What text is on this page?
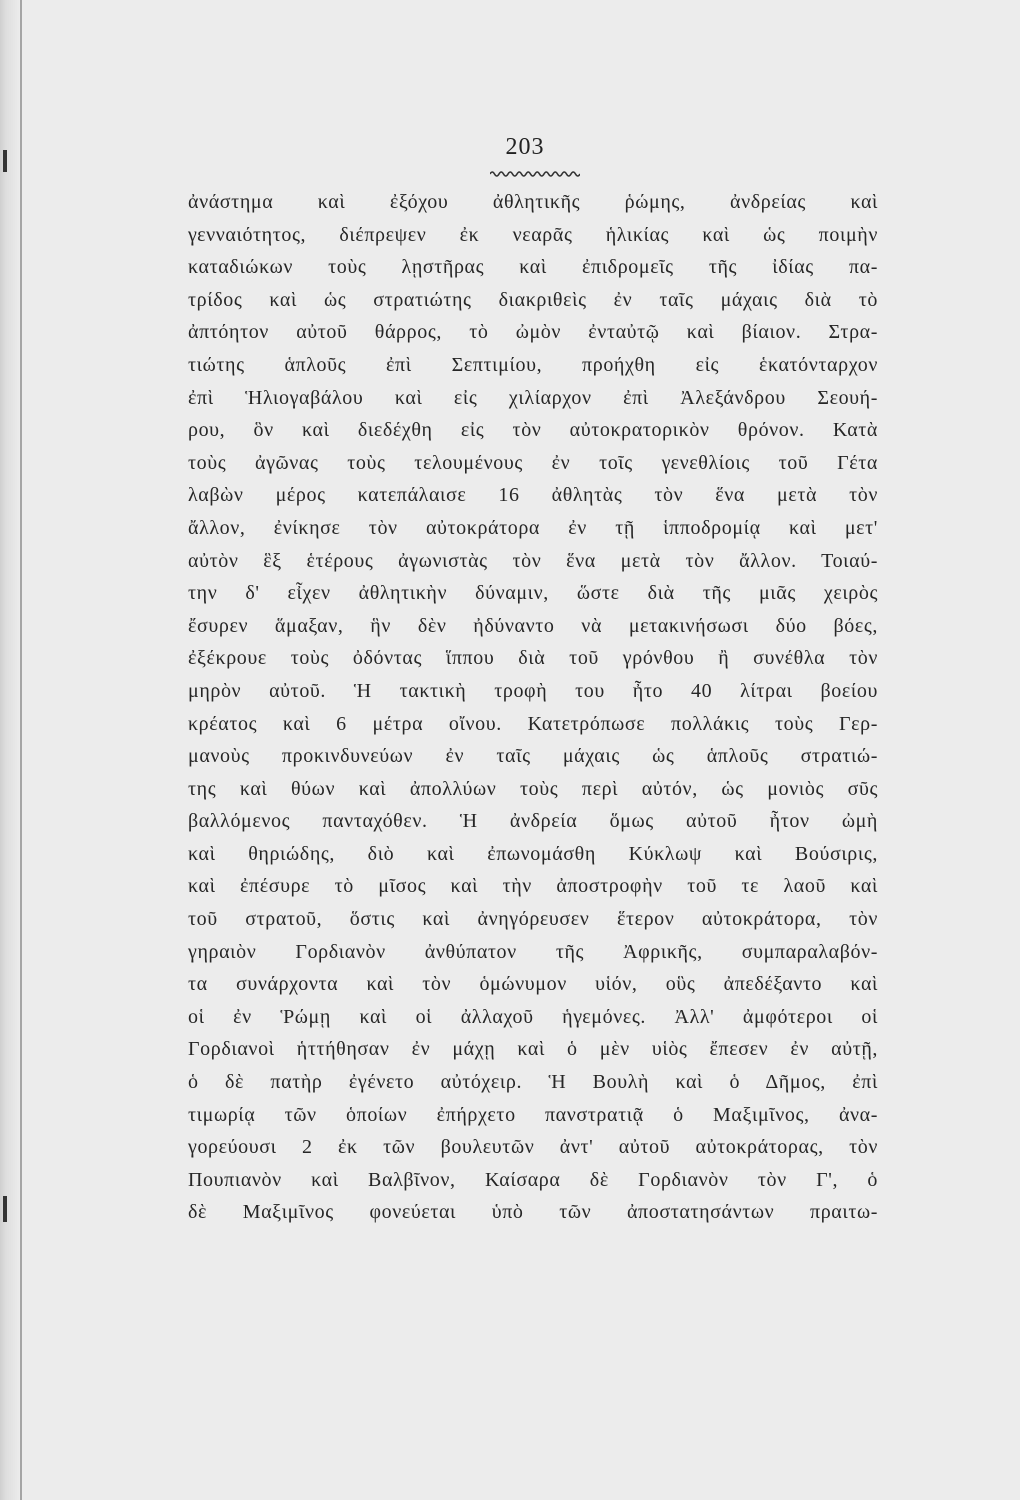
203
ἀνάστημα καὶ ἐξόχου ἀθλητικῆς ῥώμης, ἀνδρείας καὶ
γενναιότητος, διέπρεψεν ἐκ νεαρᾶς ἡλικίας καὶ ὡς ποιμὴν
καταδιώκων τοὺς λῃστῆρας καὶ ἐπιδρομεῖς τῆς ἰδίας πα-
τρίδος καὶ ὡς στρατιώτης διακριθεὶς ἐν ταῖς μάχαις διὰ τὸ
ἀπτόητον αὐτοῦ θάρρος, τὸ ὠμὸν ἐνταὐτῷ καὶ βίαιον. Στρα-
τιώτης ἁπλοῦς ἐπὶ Σεπτιμίου, προήχθη εἰς ἑκατόνταρχον
ἐπὶ Ἡλιογαβάλου καὶ εἰς χιλίαρχον ἐπὶ Ἀλεξάνδρου Σεουή-
ρου, ὃν καὶ διεδέχθη εἰς τὸν αὐτοκρατορικὸν θρόνον. Κατὰ
τοὺς ἀγῶνας τοὺς τελουμένους ἐν τοῖς γενεθλίοις τοῦ Γέτα
λαβὼν μέρος κατεπάλαισε 16 ἀθλητὰς τὸν ἕνα μετὰ τὸν
ἄλλον, ἐνίκησε τὸν αὐτοκράτορα ἐν τῇ ἱπποδρομίᾳ καὶ μετ'
αὐτὸν ἓξ ἑτέρους ἀγωνιστὰς τὸν ἕνα μετὰ τὸν ἄλλον. Τοιαύ-
την δ' εἶχεν ἀθλητικὴν δύναμιν, ὥστε διὰ τῆς μιᾶς χειρὸς
ἔσυρεν ἅμαξαν, ἣν δὲν ἠδύναντο νὰ μετακινήσωσι δύο βόες,
ἐξέκρουε τοὺς ὀδόντας ἵππου διὰ τοῦ γρόνθου ἢ συνέθλα τὸν
μηρὸν αὐτοῦ. Ἡ τακτικὴ τροφὴ του ἦτο 40 λίτραι βοείου
κρέατος καὶ 6 μέτρα οἴνου. Κατετρόπωσε πολλάκις τοὺς Γερ-
μανοὺς προκινδυνεύων ἐν ταῖς μάχαις ὡς ἁπλοῦς στρατιώ-
της καὶ θύων καὶ ἀπολλύων τοὺς περὶ αὐτόν, ὡς μονιὸς σῦς
βαλλόμενος πανταχόθεν. Ἡ ἀνδρεία ὅμως αὐτοῦ ἦτον ὠμὴ
καὶ θηριώδης, διὸ καὶ ἐπωνομάσθη Κύκλωψ καὶ Βούσιρις,
καὶ ἐπέσυρε τὸ μῖσος καὶ τὴν ἀποστροφὴν τοῦ τε λαοῦ καὶ
τοῦ στρατοῦ, ὅστις καὶ ἀνηγόρευσεν ἕτερον αὐτοκράτορα, τὸν
γηραιὸν Γορδιανὸν ἀνθύπατον τῆς Ἀφρικῆς, συμπαραλαβόν-
τα συνάρχοντα καὶ τὸν ὁμώνυμον υἱόν, οὓς ἀπεδέξαντο καὶ
οἱ ἐν Ῥώμῃ καὶ οἱ ἀλλαχοῦ ἡγεμόνες. Ἀλλ' ἀμφότεροι οἱ
Γορδιανοὶ ἡττήθησαν ἐν μάχῃ καὶ ὁ μὲν υἱὸς ἔπεσεν ἐν αὐτῇ,
ὁ δὲ πατὴρ ἐγένετο αὐτόχειρ. Ἡ Βουλὴ καὶ ὁ Δῆμος, ἐπὶ
τιμωρίᾳ τῶν ὁποίων ἐπήρχετο πανστρατιᾷ ὁ Μαξιμῖνος, ἀνα-
γορεύουσι 2 ἐκ τῶν βουλευτῶν ἀντ' αὐτοῦ αὐτοκράτορας, τὸν
Πουπιανὸν καὶ Βαλβῖνον, Καίσαρα δὲ Γορδιανὸν τὸν Γ', ὁ
δὲ Μαξιμῖνος φονεύεται ὑπὸ τῶν ἀποστατησάντων πραιτω-
